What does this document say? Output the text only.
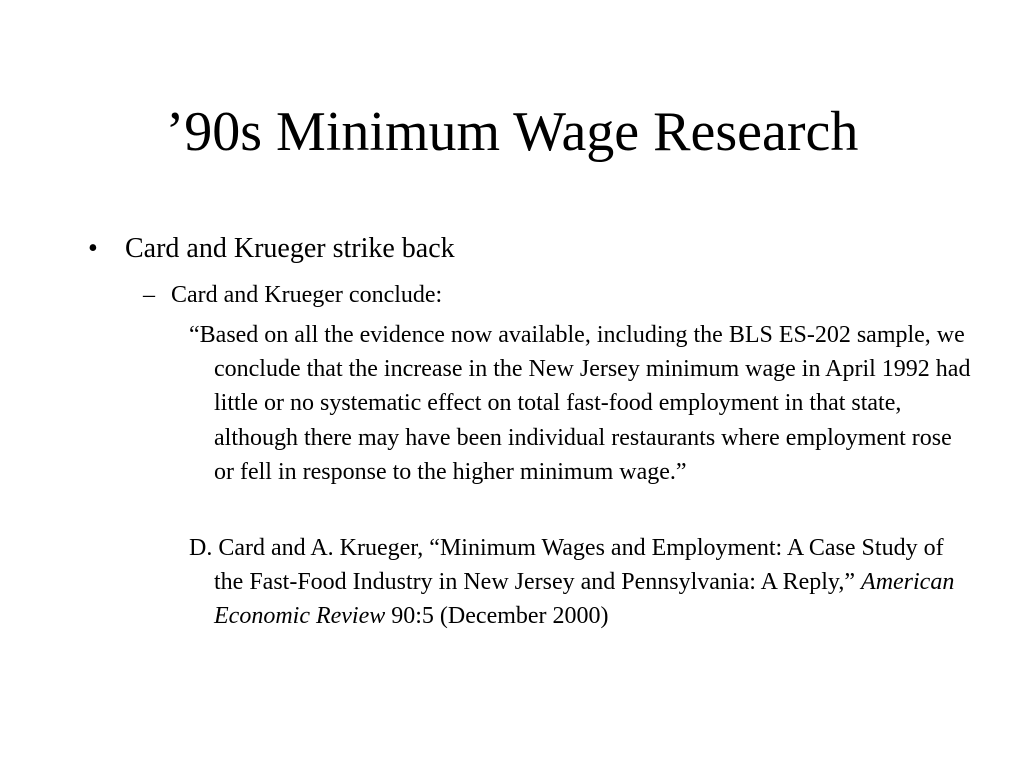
’90s Minimum Wage Research
• Card and Krueger strike back
– Card and Krueger conclude:

“Based on all the evidence now available, including the BLS ES-202 sample, we conclude that the increase in the New Jersey minimum wage in April 1992 had little or no systematic effect on total fast-food employment in that state, although there may have been individual restaurants where employment rose or fell in response to the higher minimum wage.”

D. Card and A. Krueger, “Minimum Wages and Employment: A Case Study of the Fast-Food Industry in New Jersey and Pennsylvania: A Reply,” American Economic Review 90:5 (December 2000)
